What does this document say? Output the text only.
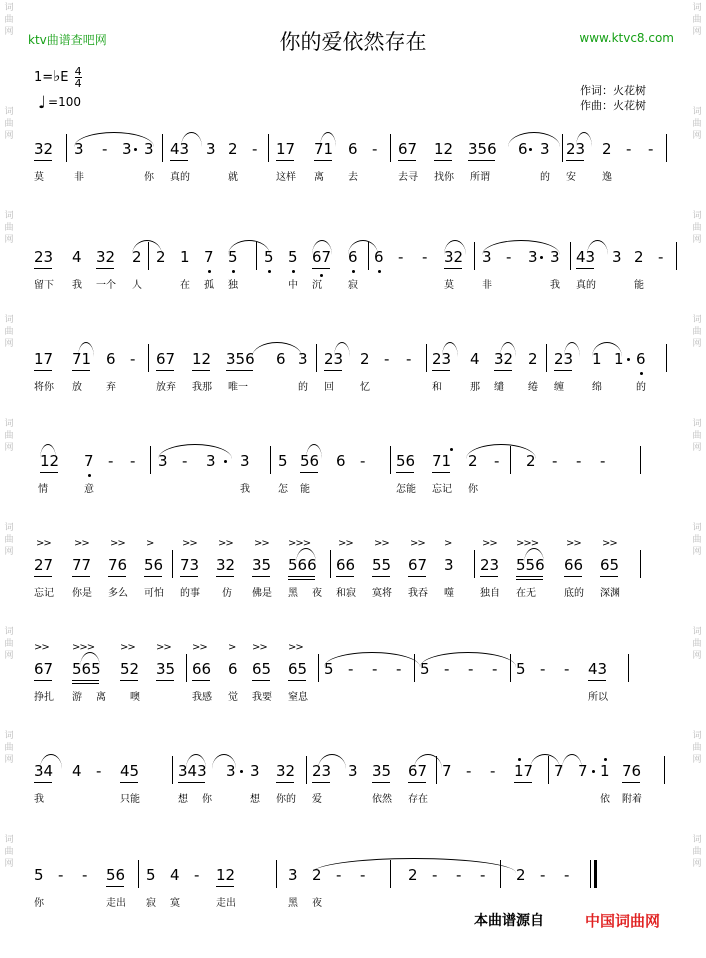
词
曲
网
词
曲
网
词
曲
网
词
曲
网
词
曲
网
词
曲
网
词
曲
网
词
曲
网
词
曲
网
词
曲
网
词
曲
网
词
曲
网
词
曲
网
词
曲
网
词
曲
网
词
曲
网
词
曲
网
词
曲
网
ktv曲谱查吧网	你的爱依然存在	www.ktvc8.com
1=♭E $\frac{4}{4}$
♩ =100
作词：火花树
作曲：火花树
32 3 - 3 3 43 3 2 - 17 71 6 - 67 12 356 6 3 23 2 - -
莫	非	你 真的	就	这样 离 去	去寻 找你 所谓	的 安	逸
23 4 32 2 2 1 7 5 5 5 67 6 6 - - 32 3 - 3 3 43 3 2 -
留下 我 一个 人	在 孤 独	中 沉	寂	莫	非	我 真的	能
17 71 6 - 67 12 356 6 3 23 2 - - 23 4 32 2 23 1 1 6
将你 放 弃	放弃 我那 唯一	的 回	忆	和	那 缱 绻 缠	绵	的
12 7 - - 3 - 3 3 5 56 6 - 56 71 2 - 2 - - -
情	意	我	怎 能	怎能 忘记 你
27 77 76 56 73 32 35 566 66 55 67 3 23 556 66 65
>> >> >> >	>> >> >> >>>	>> >> >> >	>> >>>	>> >>
忘记 你是 多么 可怕 的事 仿 佛是 黑 夜 和寂 寞将 我吞 噬	独自 在无	底的 深渊
67 565 52 35 66 6 65 65 5 - - - 5 - - - 5 - - 43
>> >>>	>> >> >> > >> >>
挣扎 游 离 噢	我感 觉 我要 窒息	所以
34 4 - 45	343 3 3 32 23 3 35 67 7 - - 17 7 7 1 76
我	只能	想 你	想 你的 爱	依然 存在	依 附着
5 - - 56 5 4 - 12	3 2 - -	2 - - - 2 - -
你	走出 寂 寞	走出	黑 夜
本曲谱源自	中国词曲网
